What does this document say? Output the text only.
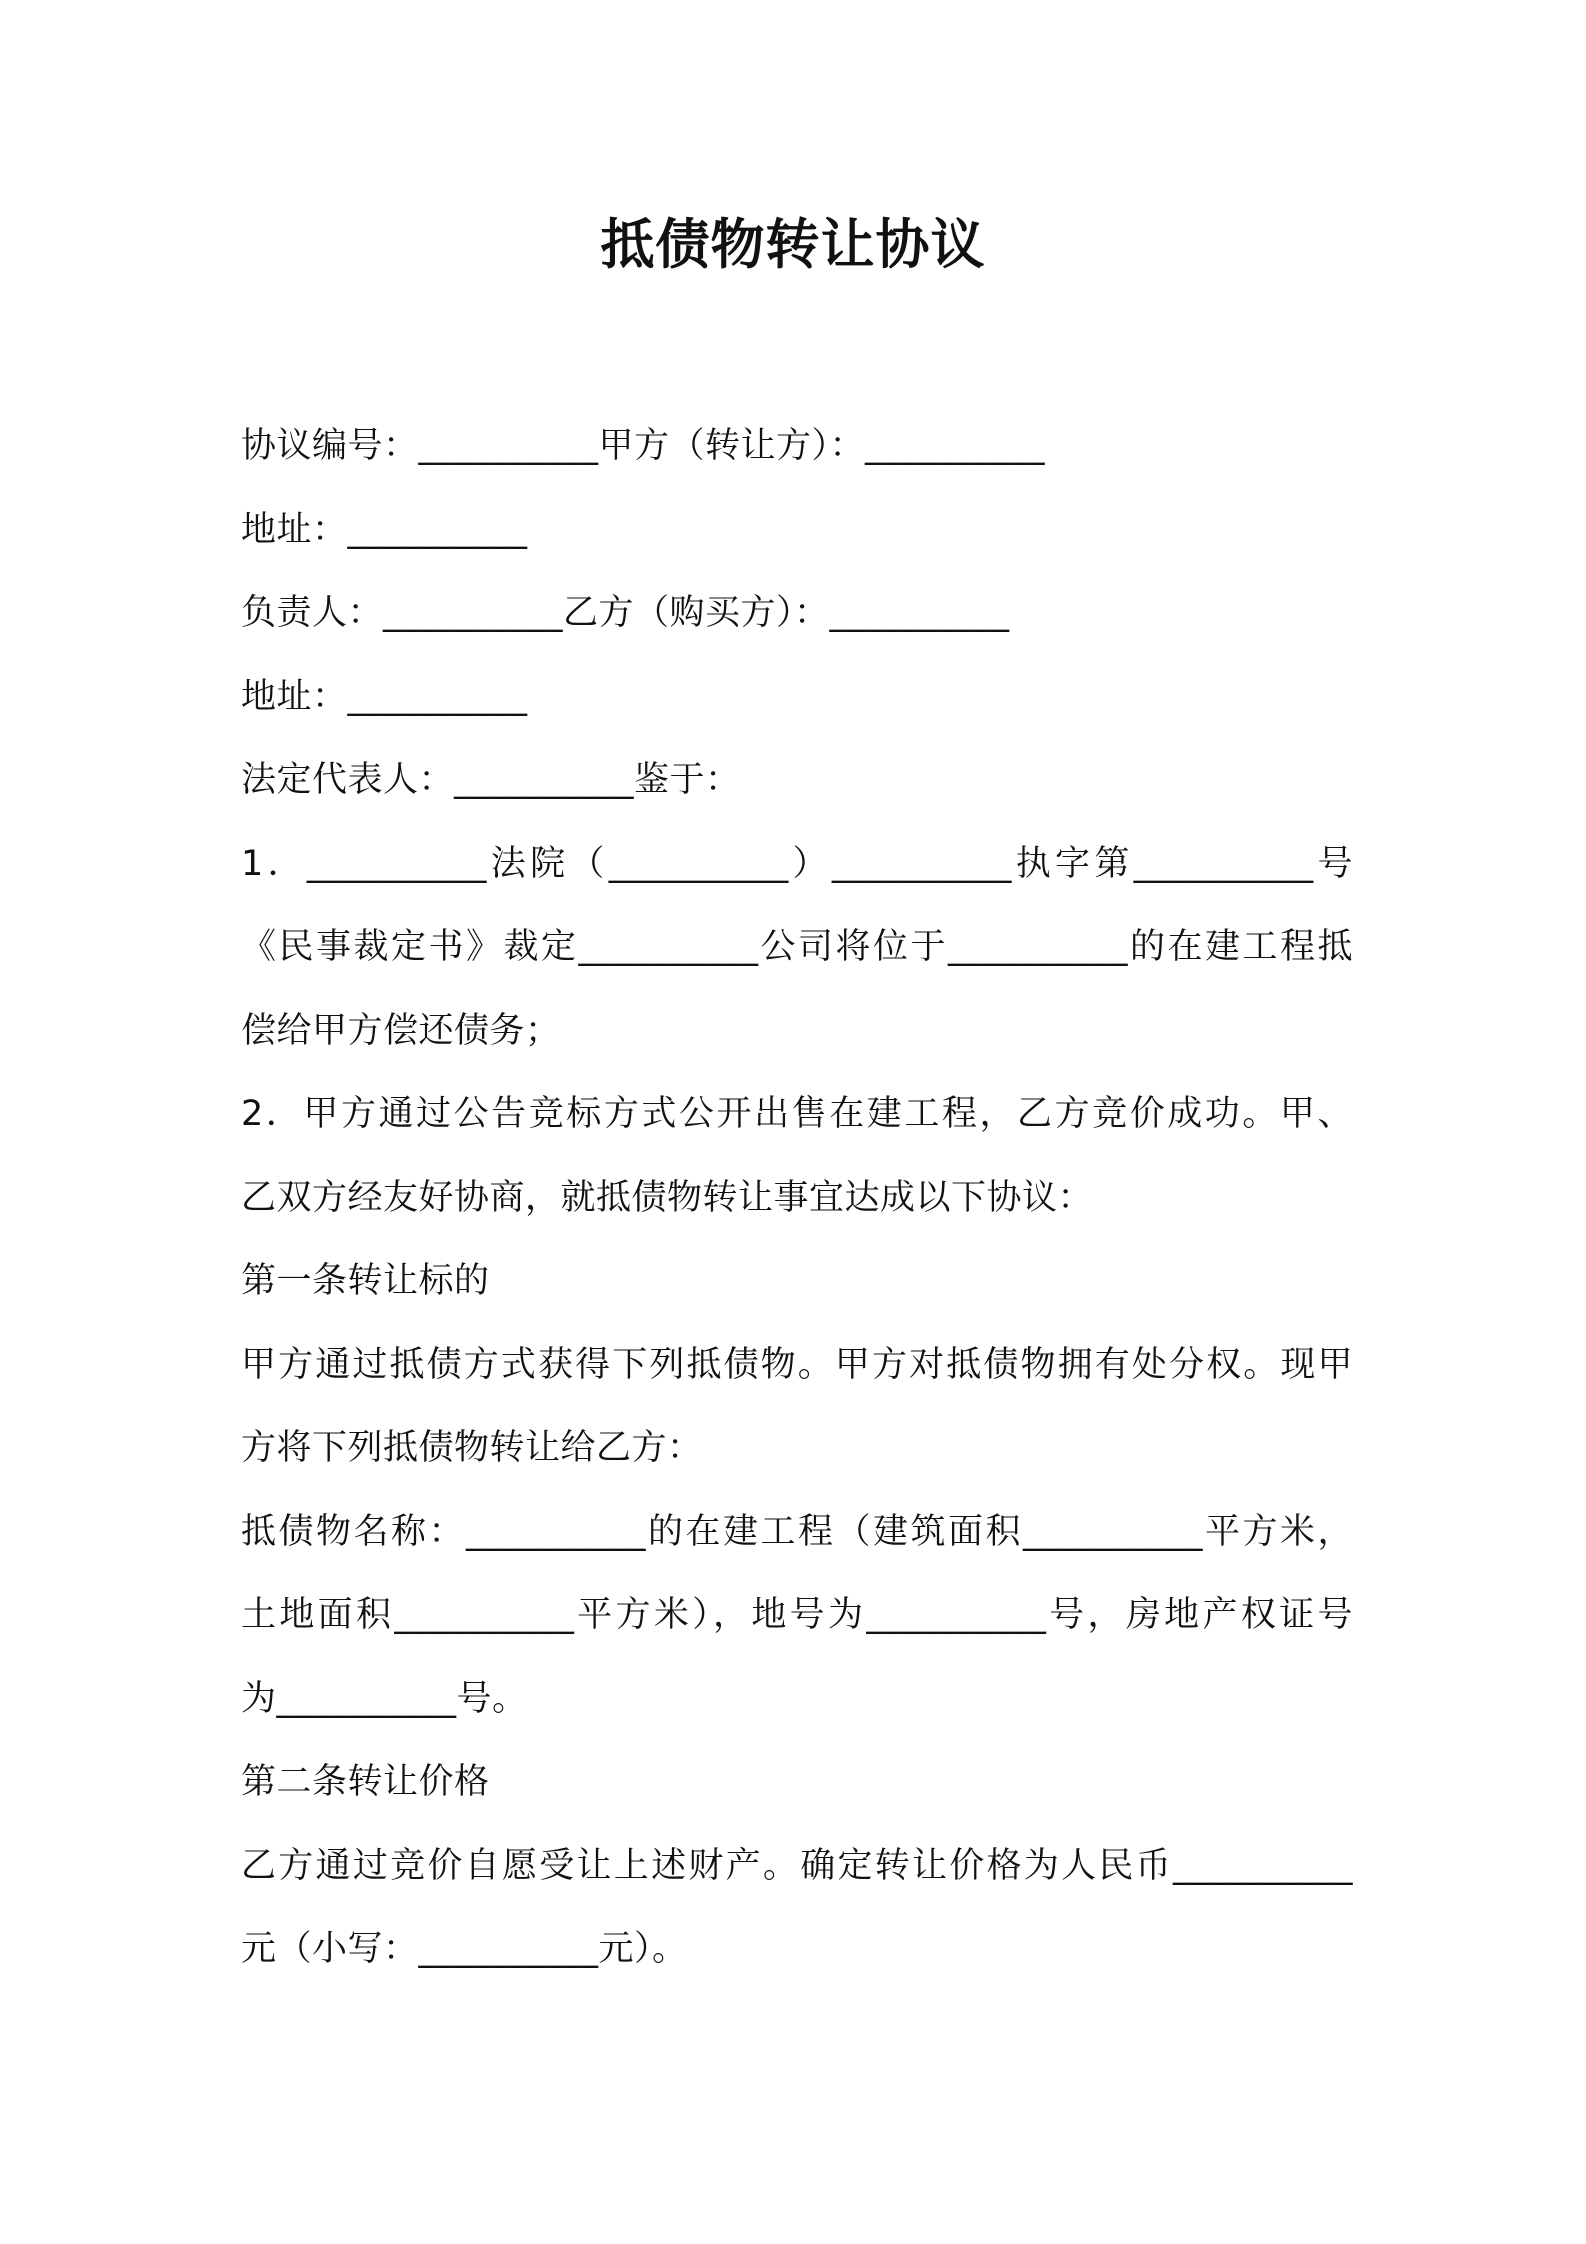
抵债物转让协议
协议编号：__________甲方（转让方）：__________
地址：__________
负责人：__________乙方（购买方）：__________
地址：__________
法定代表人：__________鉴于：
1．__________法院（__________）__________执字第__________号
《民事裁定书》裁定__________公司将位于__________的在建工程抵
偿给甲方偿还债务；
2．甲方通过公告竞标方式公开出售在建工程，乙方竞价成功。甲、
乙双方经友好协商，就抵债物转让事宜达成以下协议：
第一条转让标的
甲方通过抵债方式获得下列抵债物。甲方对抵债物拥有处分权。现甲
方将下列抵债物转让给乙方：
抵债物名称：__________的在建工程（建筑面积__________平方米，
土地面积__________平方米），地号为__________号，房地产权证号
为__________号。
第二条转让价格
乙方通过竞价自愿受让上述财产。确定转让价格为人民币__________
元（小写：__________元）。
